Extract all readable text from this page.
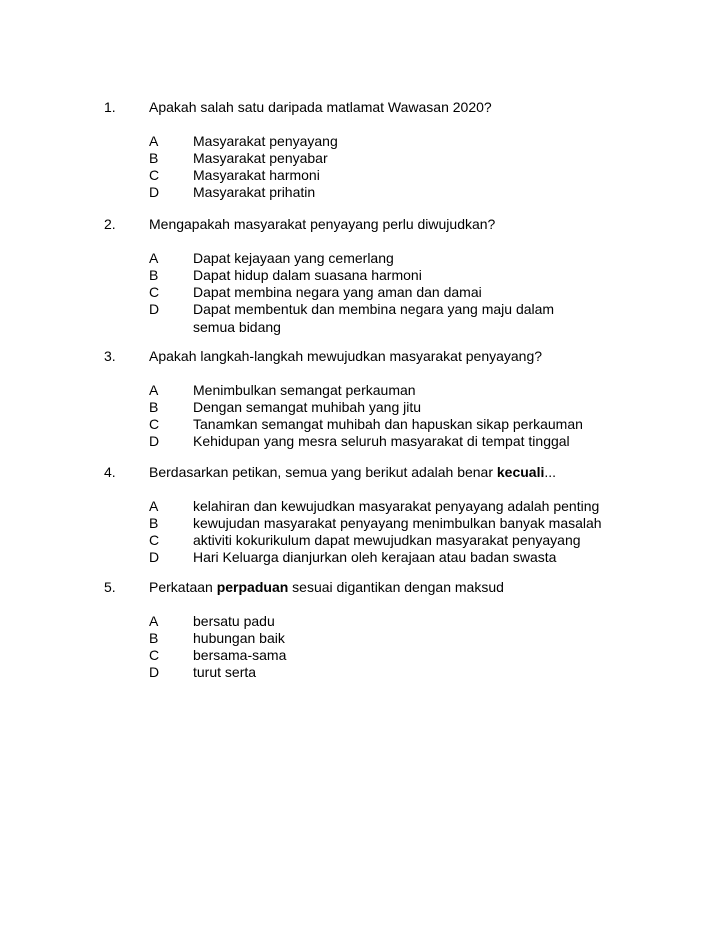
1. Apakah salah satu daripada matlamat Wawasan 2020?
A Masyarakat penyayang
B Masyarakat penyabar
C Masyarakat harmoni
D Masyarakat prihatin
2. Mengapakah masyarakat penyayang perlu diwujudkan?
A Dapat kejayaan yang cemerlang
B Dapat hidup dalam suasana harmoni
C Dapat membina negara yang aman dan damai
D Dapat membentuk dan membina negara yang maju dalam
semua bidang
3. Apakah langkah-langkah mewujudkan masyarakat penyayang?
A Menimbulkan semangat perkauman
B Dengan semangat muhibah yang jitu
C Tanamkan semangat muhibah dan hapuskan sikap perkauman
D Kehidupan yang mesra seluruh masyarakat di tempat tinggal
4. Berdasarkan petikan, semua yang berikut adalah benar kecuali...
A kelahiran dan kewujudkan masyarakat penyayang adalah penting
B kewujudan masyarakat penyayang menimbulkan banyak masalah
C aktiviti kokurikulum dapat mewujudkan masyarakat penyayang
D Hari Keluarga dianjurkan oleh kerajaan atau badan swasta
5. Perkataan perpaduan sesuai digantikan dengan maksud
A bersatu padu
B hubungan baik
C bersama-sama
D turut serta
